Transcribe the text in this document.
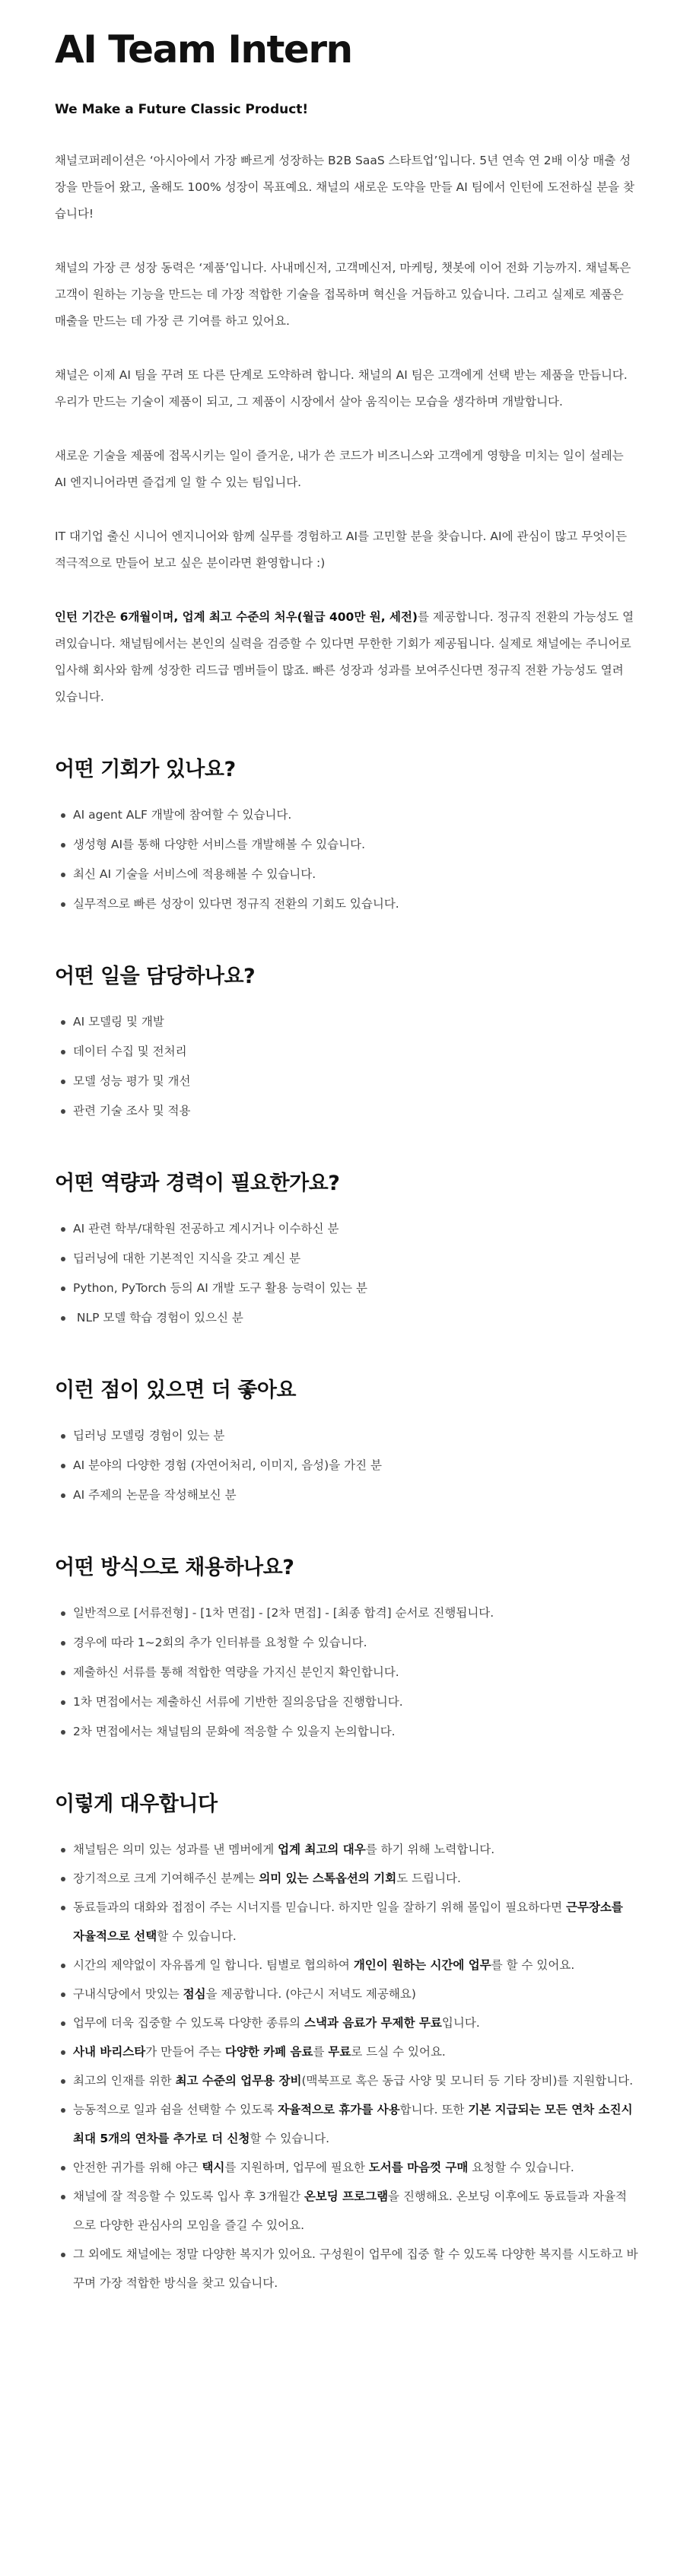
AI Team Intern

We Make a Future Classic Product!

채널코퍼레이션은 ‘아시아에서 가장 빠르게 성장하는 B2B SaaS 스타트업’입니다. 5년 연속 연 2배 이상 매출 성장을 만들어 왔고, 올해도 100% 성장이 목표예요. 채널의 새로운 도약을 만들 AI 팀에서 인턴에 도전하실 분을 찾습니다!

채널의 가장 큰 성장 동력은 ‘제품’입니다. 사내메신저, 고객메신저, 마케팅, 챗봇에 이어 전화 기능까지. 채널톡은 고객이 원하는 기능을 만드는 데 가장 적합한 기술을 접목하며 혁신을 거듭하고 있습니다. 그리고 실제로 제품은 매출을 만드는 데 가장 큰 기여를 하고 있어요.

채널은 이제 AI 팀을 꾸려 또 다른 단계로 도약하려 합니다. 채널의 AI 팀은 고객에게 선택 받는 제품을 만듭니다. 우리가 만드는 기술이 제품이 되고, 그 제품이 시장에서 살아 움직이는 모습을 생각하며 개발합니다.

새로운 기술을 제품에 접목시키는 일이 즐거운, 내가 쓴 코드가 비즈니스와 고객에게 영향을 미치는 일이 설레는 AI 엔지니어라면 즐겁게 일 할 수 있는 팀입니다.

IT 대기업 출신 시니어 엔지니어와 함께 실무를 경험하고 AI를 고민할 분을 찾습니다. AI에 관심이 많고 무엇이든 적극적으로 만들어 보고 싶은 분이라면 환영합니다 :)

인턴 기간은 6개월이며, 업계 최고 수준의 처우(월급 400만 원, 세전)를 제공합니다. 정규직 전환의 가능성도 열려있습니다. 채널팀에서는 본인의 실력을 검증할 수 있다면 무한한 기회가 제공됩니다. 실제로 채널에는 주니어로 입사해 회사와 함께 성장한 리드급 멤버들이 많죠. 빠른 성장과 성과를 보여주신다면 정규직 전환 가능성도 열려 있습니다.

어떤 기회가 있나요?
AI agent ALF 개발에 참여할 수 있습니다.
생성형 AI를 통해 다양한 서비스를 개발해볼 수 있습니다.
최신 AI 기술을 서비스에 적용해볼 수 있습니다.
실무적으로 빠른 성장이 있다면 정규직 전환의 기회도 있습니다.
어떤 일을 담당하나요?
AI 모델링 및 개발
데이터 수집 및 전처리
모델 성능 평가 및 개선
관련 기술 조사 및 적용
어떤 역량과 경력이 필요한가요?
AI 관련 학부/대학원 전공하고 계시거나 이수하신 분
딥러닝에 대한 기본적인 지식을 갖고 계신 분
Python, PyTorch 등의 AI 개발 도구 활용 능력이 있는 분
NLP 모델 학습 경험이 있으신 분
이런 점이 있으면 더 좋아요
딥러닝 모델링 경험이 있는 분
AI 분야의 다양한 경험 (자연어처리, 이미지, 음성)을 가진 분
AI 주제의 논문을 작성해보신 분
어떤 방식으로 채용하나요?
일반적으로 [서류전형] - [1차 면접] - [2차 면접] - [최종 합격] 순서로 진행됩니다.
경우에 따라 1~2회의 추가 인터뷰를 요청할 수 있습니다.
제출하신 서류를 통해 적합한 역량을 가지신 분인지 확인합니다.
1차 면접에서는 제출하신 서류에 기반한 질의응답을 진행합니다.
2차 면접에서는 채널팀의 문화에 적응할 수 있을지 논의합니다.
이렇게 대우합니다
채널팀은 의미 있는 성과를 낸 멤버에게 업계 최고의 대우를 하기 위해 노력합니다.
장기적으로 크게 기여해주신 분께는 의미 있는 스톡옵션의 기회도 드립니다.
동료들과의 대화와 접점이 주는 시너지를 믿습니다. 하지만 일을 잘하기 위해 몰입이 필요하다면 근무장소를 자율적으로 선택할 수 있습니다.
시간의 제약없이 자유롭게 일 합니다. 팀별로 협의하여 개인이 원하는 시간에 업무를 할 수 있어요.
구내식당에서 맛있는 점심을 제공합니다. (야근시 저녁도 제공해요)
업무에 더욱 집중할 수 있도록 다양한 종류의 스낵과 음료가 무제한 무료입니다.
사내 바리스타가 만들어 주는 다양한 카페 음료를 무료로 드실 수 있어요.
최고의 인재를 위한 최고 수준의 업무용 장비(맥북프로 혹은 동급 사양 및 모니터 등 기타 장비)를 지원합니다.
능동적으로 일과 쉼을 선택할 수 있도록 자율적으로 휴가를 사용합니다. 또한 기본 지급되는 모든 연차 소진시 최대 5개의 연차를 추가로 더 신청할 수 있습니다.
안전한 귀가를 위해 야근 택시를 지원하며, 업무에 필요한 도서를 마음껏 구매 요청할 수 있습니다.
채널에 잘 적응할 수 있도록 입사 후 3개월간 온보딩 프로그램을 진행해요. 온보딩 이후에도 동료들과 자율적으로 다양한 관심사의 모임을 즐길 수 있어요.
그 외에도 채널에는 정말 다양한 복지가 있어요. 구성원이 업무에 집중 할 수 있도록 다양한 복지를 시도하고 바꾸며 가장 적합한 방식을 찾고 있습니다.
